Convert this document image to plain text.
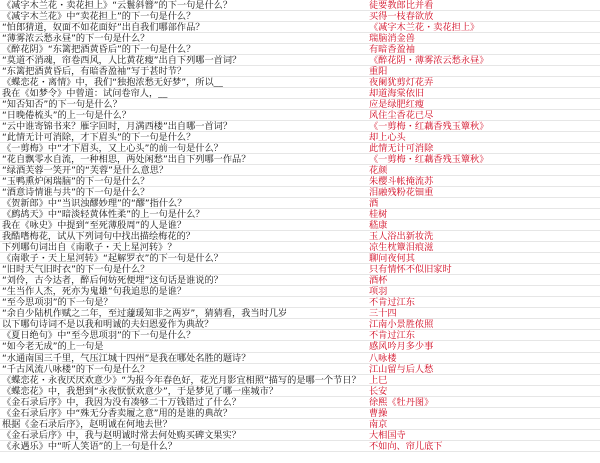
《减字木兰花・卖花担上》“云鬟斜簪”的下一句是什么？	徒要教郎比并看
《减字木兰花》中“卖花担上”的下一句是什么？	买得一枝春欲放
“怕郎猜道，奴面不如花面好”出自我们哪部作品？	《减字木兰花・卖花担上》
“薄雾浓云愁永昼”的下一句是什么？	瑞脑消金兽
《醉花阴》“东篱把酒黄昏后”的下一句是什么？	有暗香盈袖
“莫道不消魂，帘卷西风，人比黄花瘦”出自下列哪一首词？	《醉花阴・薄雾浓云愁永昼》
“东篱把酒黄昏后，有暗香盈袖”写于甚时节？	重阳
《蝶恋花・离情》中，我们“独抱浓愁无好梦”，所以__	夜阑犹剪灯花弄
我在《如梦令》中曾道：试问卷帘人，__	却道海棠依旧
“知否知否”的下一句是什么？	应是绿肥红瘦
“日晚倦梳头”的上一句是什么？	风住尘香花已尽
“云中谁寄锦书来？雁字回时，月满西楼”出自哪一首词？	《一剪梅・红藕香残玉簟秋》
“此情无计可消除，才下眉头”的下一句是什么？	却上心头
《一剪梅》中“才下眉头，又上心头”的前一句是什么？	此情无计可消除
“花自飘零水自流，一种相思，两处闲愁”出自下列哪一作品？	《一剪梅・红藕香残玉簟秋》
“绿酒芙蓉一笑开”的“芙蓉”是什么意思？	花颜
“玉鸭熏炉闲瑞脑”的下一句是什么？	朱樱斗帐掩流苏
“酒意诗情谁与共”的下一句是什么？	泪融残粉花钿重
《贺新郎》中“当识浊醪妙理”的“醪”指什么？	酒
《鹧鸪天》中“暗淡轻黄体性柔”的上一句是什么？	桂树
我在《咏史》中提到“至死薄殷周”的人是谁？	嵇康
我酷嗜梅花，试从下列词句中找出描绘梅花的？	玉人浴出新妆洗
下列哪句词出自《南歌子・天上星河转》？	凉生枕簟泪痕滋
《南歌子・天上星河转》“起解罗衣”的下一句是什么？	聊问夜何其
“旧时天气旧时衣”的下一句是什么？	只有情怀不似旧家时
“刘伶，古今达者，醉后何妨死便埋”这句话是谁说的？	酒杯
“生当作人杰，死亦为鬼雄”句我追思的是谁？	项羽
“至今思项羽”的下一句是？	不肯过江东
“余自少陆机作赋之二年，至过蘧瑗知非之两岁”，猜猜看，我当时几岁	三十四
以下哪句诗词不是以我和明诚的夫妇恩爱作为典故？	江南小景胜侬照
《夏日绝句》中“至今思项羽”的下一句是什么？	不肯过江东
“如今老无成”的上一句是	感风吟月多少事
“水通南国三千里，气压江城十四州”是我在哪处名胜的题诗？	八咏楼
“千古风流八咏楼”的下一句是什么？	江山留与后人愁
《蝶恋花・永夜厌厌欢意少》“为报今年春色好，花光月影宜相照”描写的是哪一个节日？ 上巳
《蝶恋花》中，我想到“永夜恹恹欢意少”，于是梦见了哪一座城市？	长安
《金石录后序》中，我因为没有凑够二十万钱错过了什么？	徐熙《牡丹图》
《金石录后序》中“殊无分香卖履之意”用的是谁的典故？	曹操
根据《金石录后序》，赵明诚在何地去世？	南京
《金石录后序》中，我与赵明诚时常去何处购买碑文果实？	大相国寺
《永遇乐》中“听人笑语”的上一句是什么？	不如向、帘儿底下
